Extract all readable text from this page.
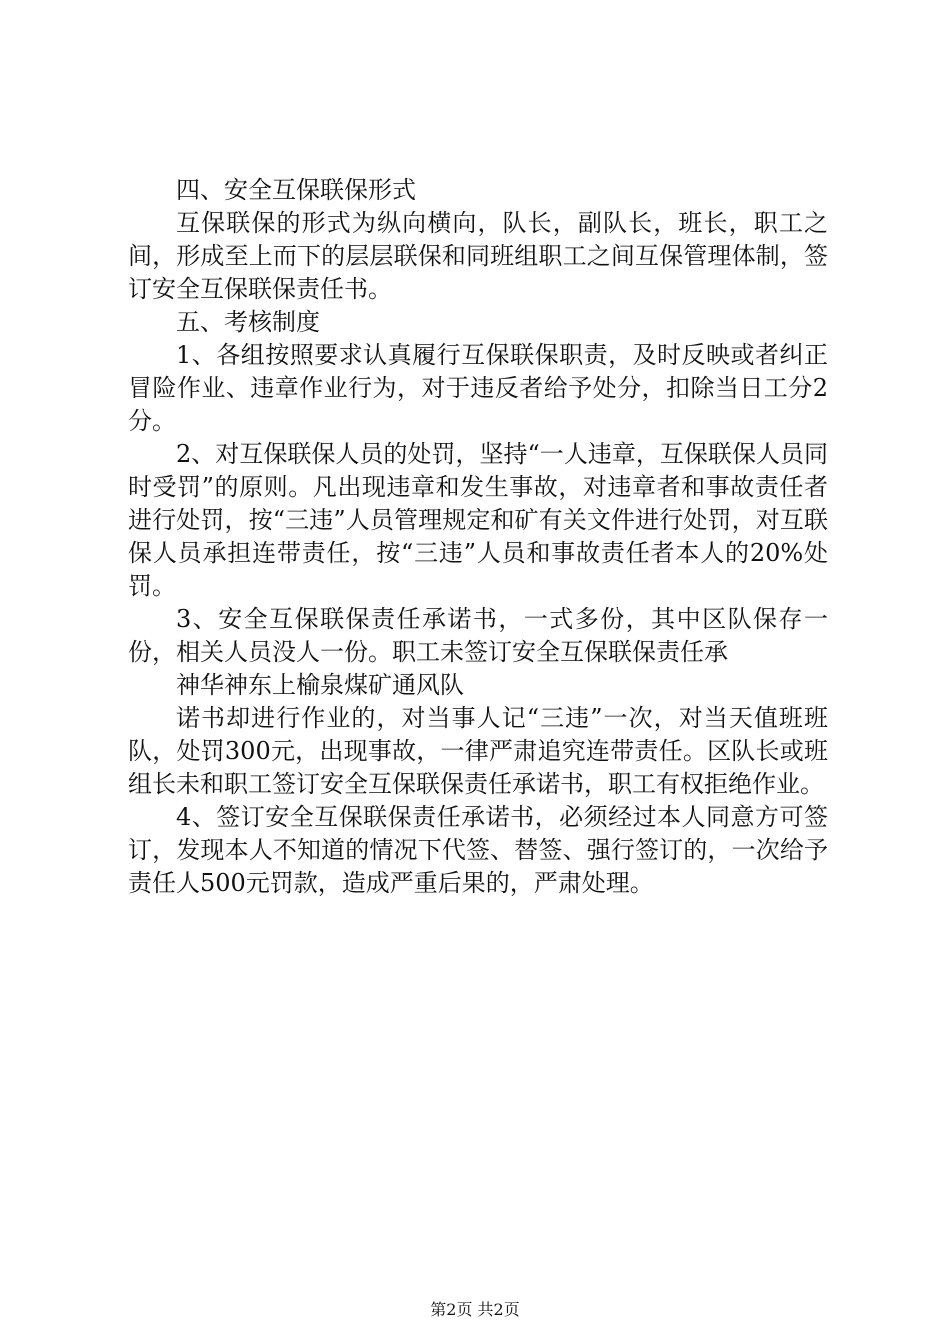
四、安全互保联保形式

互保联保的形式为纵向横向，队长，副队长，班长，职工之间，形成至上而下的层层联保和同班组职工之间互保管理体制，签订安全互保联保责任书。

五、考核制度

1、各组按照要求认真履行互保联保职责，及时反映或者纠正冒险作业、违章作业行为，对于违反者给予处分，扣除当日工分2分。

2、对互保联保人员的处罚，坚持“一人违章，互保联保人员同时受罚”的原则。凡出现违章和发生事故，对违章者和事故责任者进行处罚，按“三违”人员管理规定和矿有关文件进行处罚，对互联保人员承担连带责任，按“三违”人员和事故责任者本人的20%处罚。

3、安全互保联保责任承诺书，一式多份，其中区队保存一份，相关人员没人一份。职工未签订安全互保联保责任承

神华神东上榆泉煤矿通风队

诺书却进行作业的，对当事人记“三违”一次，对当天值班班队，处罚300元，出现事故，一律严肃追究连带责任。区队长或班组长未和职工签订安全互保联保责任承诺书，职工有权拒绝作业。

4、签订安全互保联保责任承诺书，必须经过本人同意方可签订，发现本人不知道的情况下代签、替签、强行签订的，一次给予责任人500元罚款，造成严重后果的，严肃处理。

第2页 共2页
